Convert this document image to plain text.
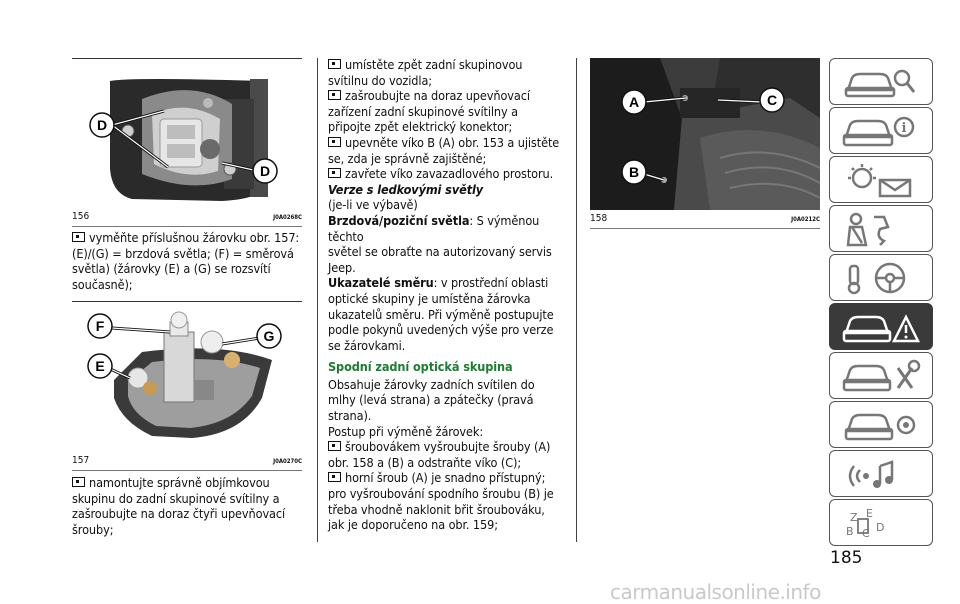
D
D
156	J0A0268C
vyměňte příslušnou žárovku obr. 157:
(E)/(G) = brzdová světla; (F) = směrová
světla) (žárovky (E) a (G) se rozsvítí
současně);
F
G
E
157	J0A0270C
namontujte správně objímkovou
skupinu do zadní skupinové svítilny a
zašroubujte na doraz čtyři upevňovací
šrouby;
umístěte zpět zadní skupinovou
svítilnu do vozidla;
zašroubujte na doraz upevňovací
zařízení zadní skupinové svítilny a
připojte zpět elektrický konektor;
upevněte víko B (A) obr. 153 a ujistěte
se, zda je správně zajištěné;
zavřete víko zavazadlového prostoru.
Verze s ledkovými světly
(je-li ve výbavě)
Brzdová/poziční světla: S výměnou těchto
světel se obraťte na autorizovaný servis
Jeep.
Ukazatelé směru: v prostřední oblasti
optické skupiny je umístěna žárovka
ukazatelů směru. Při výměně postupujte
podle pokynů uvedených výše pro verze
se žárovkami.
Spodní zadní optická skupina
Obsahuje žárovky zadních svítilen do
mlhy (levá strana) a zpátečky (pravá
strana).
Postup při výměně žárovek:
šroubovákem vyšroubujte šrouby (A)
obr. 158 a (B) a odstraňte víko (C);
horní šroub (A) je snadno přístupný;
pro vyšroubování spodního šroubu (B) je
třeba vhodně naklonit břit šroubováku,
jak je doporučeno na obr. 159;
A	C
B
158	J0A0212C
i
Z E
B C D
185
carmanualsonline.info
